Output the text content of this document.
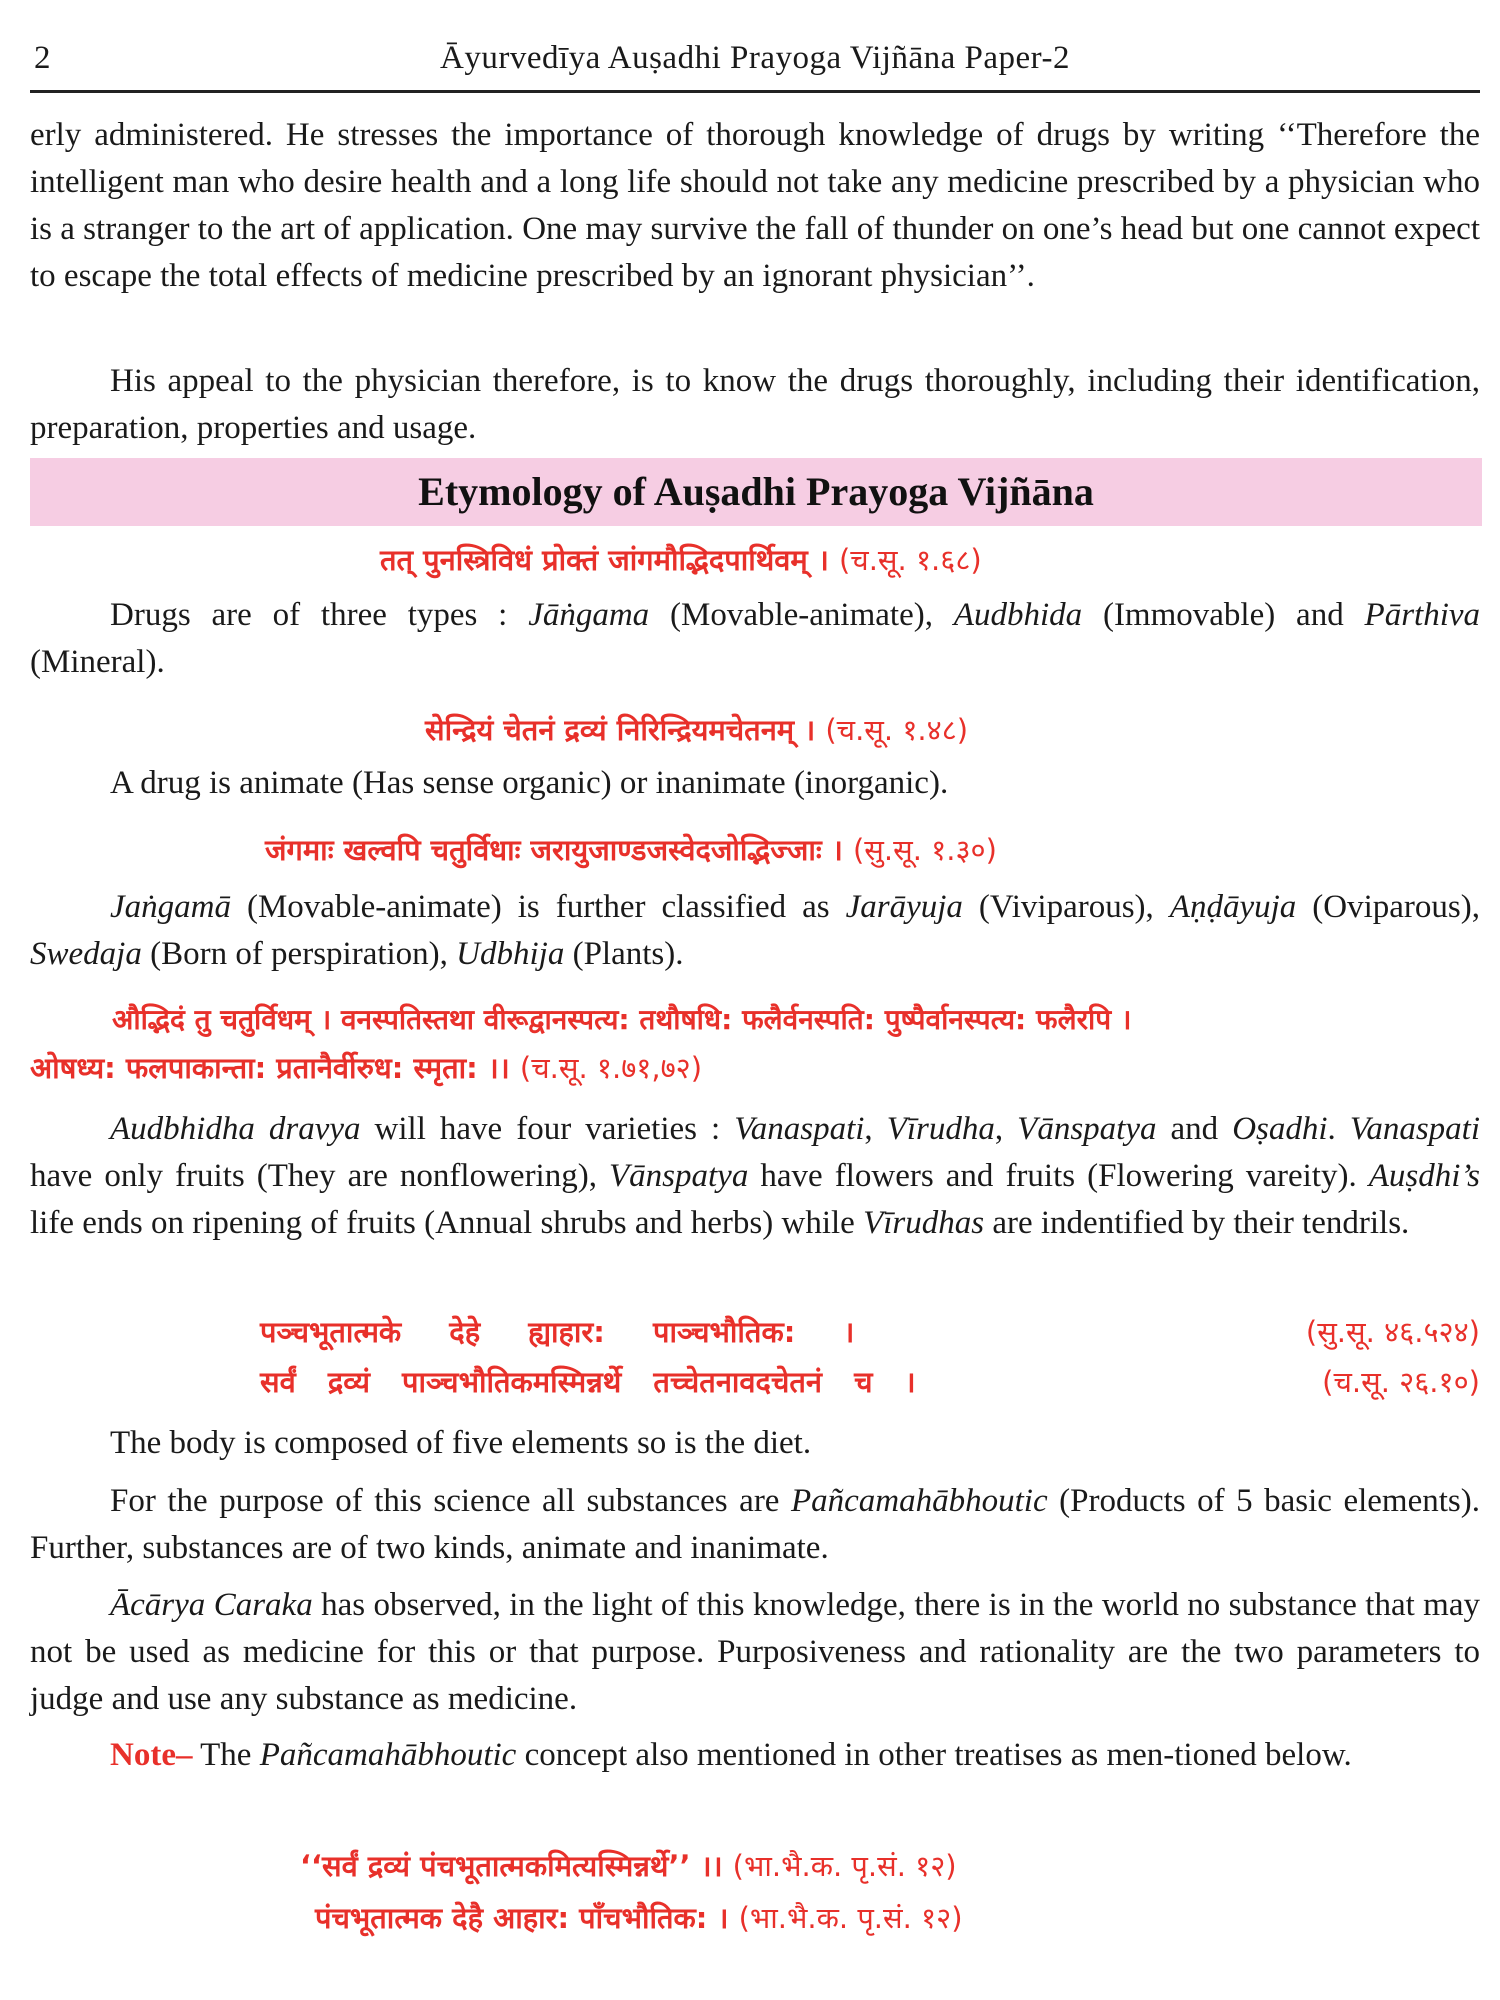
2	Āyurvedīya Auṣadhi Prayoga Vijñāna Paper-2

erly administered. He stresses the importance of thorough knowledge of drugs by writing ‘‘Therefore the intelligent man who desire health and a long life should not take any medicine prescribed by a physician who is a stranger to the art of application. One may survive the fall of thunder on one’s head but one cannot expect to escape the total effects of medicine prescribed by an ignorant physician’’.

His appeal to the physician therefore, is to know the drugs thoroughly, including their identification, preparation, properties and usage.

Etymology of Auṣadhi Prayoga Vijñāna

तत् पुनस्त्रिविधं प्रोक्तं जांगमौद्भिदपार्थिवम् । (च.सू. १.६८)

Drugs are of three types : Jāṅgama (Movable-animate), Audbhida (Immovable) and Pārthiva (Mineral).

सेन्द्रियं चेतनं द्रव्यं निरिन्द्रियमचेतनम् । (च.सू. १.४८)

A drug is animate (Has sense organic) or inanimate (inorganic).

जंगमाः खल्वपि चतुर्विधाः जरायुजाण्डजस्वेदजोद्भिज्जाः । (सु.सू. १.३०)

Jaṅgamā (Movable-animate) is further classified as Jarāyuja (Viviparous), Aṇḍāyuja (Oviparous), Swedaja (Born of perspiration), Udbhija (Plants).

औद्भिदं तु चतुर्विधम् । वनस्पतिस्तथा वीरूद्वानस्पत्य: तथौषधि: फलैर्वनस्पति: पुष्पैर्वानस्पत्य: फलैरपि ।

ओषध्य: फलपाकान्ता: प्रतानैर्वीरुध: स्मृता: ।। (च.सू. १.७१,७२)

Audbhidha dravya will have four varieties : Vanaspati, Vīrudha, Vānspatya and Oṣadhi. Vanaspati have only fruits (They are nonflowering), Vānspatya have flowers and fruits (Flowering vareity). Auṣdhi’s life ends on ripening of fruits (Annual shrubs and herbs) while Vīrudhas are indentified by their tendrils.

पञ्चभूतात्मके देहे ह्याहार: पाञ्चभौतिक: ।	(सु.सू. ४६.५२४)
सर्वं द्रव्यं पाञ्चभौतिकमस्मिन्नर्थे तच्चेतनावदचेतनं च ।	(च.सू. २६.१०)

The body is composed of five elements so is the diet.

For the purpose of this science all substances are Pañcamahābhoutic (Products of 5 basic elements). Further, substances are of two kinds, animate and inanimate.

Ācārya Caraka has observed, in the light of this knowledge, there is in the world no substance that may not be used as medicine for this or that purpose. Purposiveness and rationality are the two parameters to judge and use any substance as medicine.

Note– The Pañcamahābhoutic concept also mentioned in other treatises as men-tioned below.

‘‘सर्वं द्रव्यं पंचभूतात्मकमित्यस्मिन्नर्थे’’ ।। (भा.भै.क. पृ.सं. १२)

पंचभूतात्मक देहै आहार: पाँचभौतिक: । (भा.भै.क. पृ.सं. १२)
